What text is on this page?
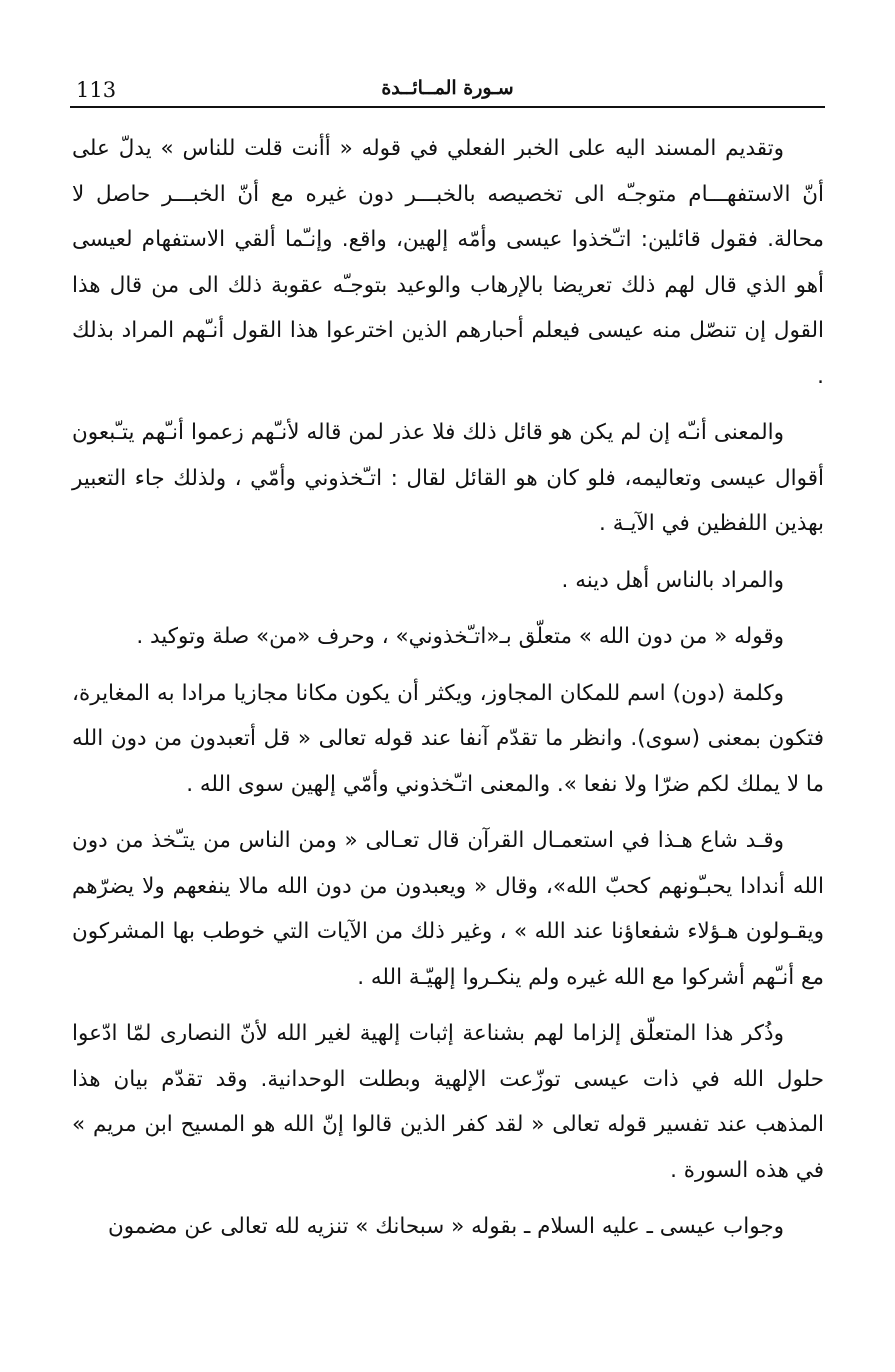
113	سـورة المــائــدة

وتقديم المسند اليه على الخبر الفعلي في قوله « أأنت قلت للناس » يدلّ على أنّ الاستفهـــام متوجـّه الى تخصيصه بالخبـــر دون غيره مع أنّ الخبـــر حاصل لا محالة. فقول قائلين: اتـّخذوا عيسى وأمّه إلهين، واقع. وإنـّما ألقي الاستفهام لعيسى أهو الذي قال لهم ذلك تعريضا بالإرهاب والوعيد بتوجـّه عقوبة ذلك الى من قال هذا القول إن تنصّل منه عيسى فيعلم أحبارهم الذين اخترعوا هذا القول أنـّهم المراد بذلك .

والمعنى أنـّه إن لم يكن هو قائل ذلك فلا عذر لمن قاله لأنـّهم زعموا أنـّهم يتـّبعون أقوال عيسى وتعاليمه، فلو كان هو القائل لقال : اتـّخذوني وأمّي ، ولذلك جاء التعبير بهذين اللفظين في الآيـة .

والمراد بالناس أهل دينه .

وقوله « من دون الله » متعلّق بـ«اتـّخذوني» ، وحرف «من» صلة وتوكيد .

وكلمة (دون) اسم للمكان المجاوز، ويكثر أن يكون مكانا مجازيا مرادا به المغايرة، فتكون بمعنى (سوى). وانظر ما تقدّم آنفا عند قوله تعالى « قل أتعبدون من دون الله ما لا يملك لكم ضرّا ولا نفعا ». والمعنى اتـّخذوني وأمّي إلهين سوى الله .

وقـد شاع هـذا في استعمـال القرآن قال تعـالى « ومن الناس من يتـّخذ من دون الله أندادا يحبـّونهم كحبّ الله»، وقال « ويعبدون من دون الله مالا ينفعهم ولا يضرّهم ويقـولون هـؤلاء شفعاؤنا عند الله » ، وغير ذلك من الآيات التي خوطب بها المشركون مع أنـّهم أشركوا مع الله غيره ولم ينكـروا إلهيّـة الله .

وذُكر هذا المتعلّق إلزاما لهم بشناعة إثبات إلهية لغير الله لأنّ النصارى لمّا ادّعوا حلول الله في ذات عيسى توزّعت الإلهية وبطلت الوحدانية. وقد تقدّم بيان هذا المذهب عند تفسير قوله تعالى « لقد كفر الذين قالوا إنّ الله هو المسيح ابن مريم » في هذه السورة .

وجواب عيسى ـ عليه السلام ـ بقوله « سبحانك » تنزيه لله تعالى عن مضمون
